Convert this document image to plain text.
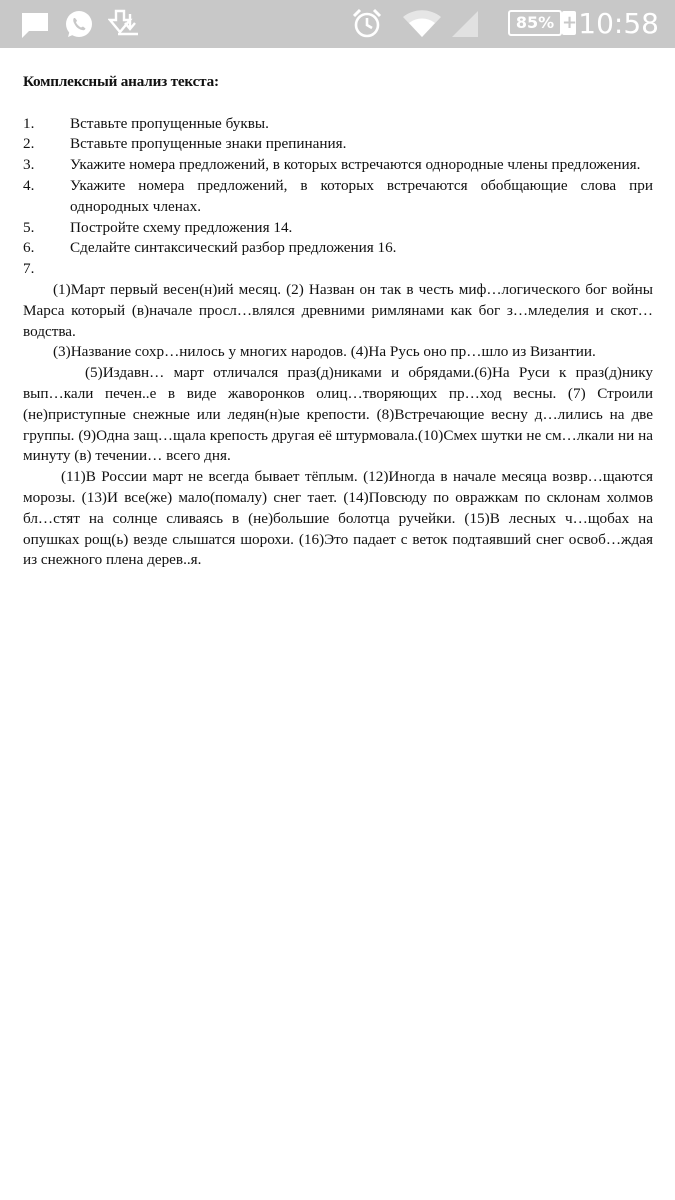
85% + 10:58
Комплексный анализ текста:
1.	Вставьте пропущенные буквы.
2.	Вставьте пропущенные знаки препинания.
3.	Укажите номера предложений, в которых встречаются однородные члены предложения.
4.	Укажите номера предложений, в которых встречаются обобщающие слова при однородных членах.
5.	Постройте схему предложения 14.
6.	Сделайте синтаксический разбор предложения 16.
7.

(1)Март первый весен(н)ий месяц. (2) Назван он так в честь миф…логического бог войны Марса который (в)начале просл…влялся древними римлянами как бог з…мледелия и скот…водства.

(3)Название сохр…нилось у многих народов. (4)На Русь оно пр…шло из Византии.

(5)Издавн… март отличался праз(д)никами и обрядами.(6)На Руси к праз(д)нику вып…кали печен..е в виде жаворонков олиц…творяющих пр…ход весны. (7) Строили (не)приступные снежные или ледян(н)ые крепости. (8)Встречающие весну д…лились на две группы. (9)Одна защ…щала крепость другая её штурмовала.(10)Смех шутки не см…лкали ни на минуту (в) течении… всего дня.

(11)В России март не всегда бывает тёплым. (12)Иногда в начале месяца возвр…щаются морозы. (13)И все(же) мало(помалу) снег тает. (14)Повсюду по овражкам по склонам холмов бл…стят на солнце сливаясь в (не)большие болотца ручейки. (15)В лесных ч…щобах на опушках рощ(ь) везде слышатся шорохи. (16)Это падает с веток подтаявший снег освоб…ждая из снежного плена дерев..я.
